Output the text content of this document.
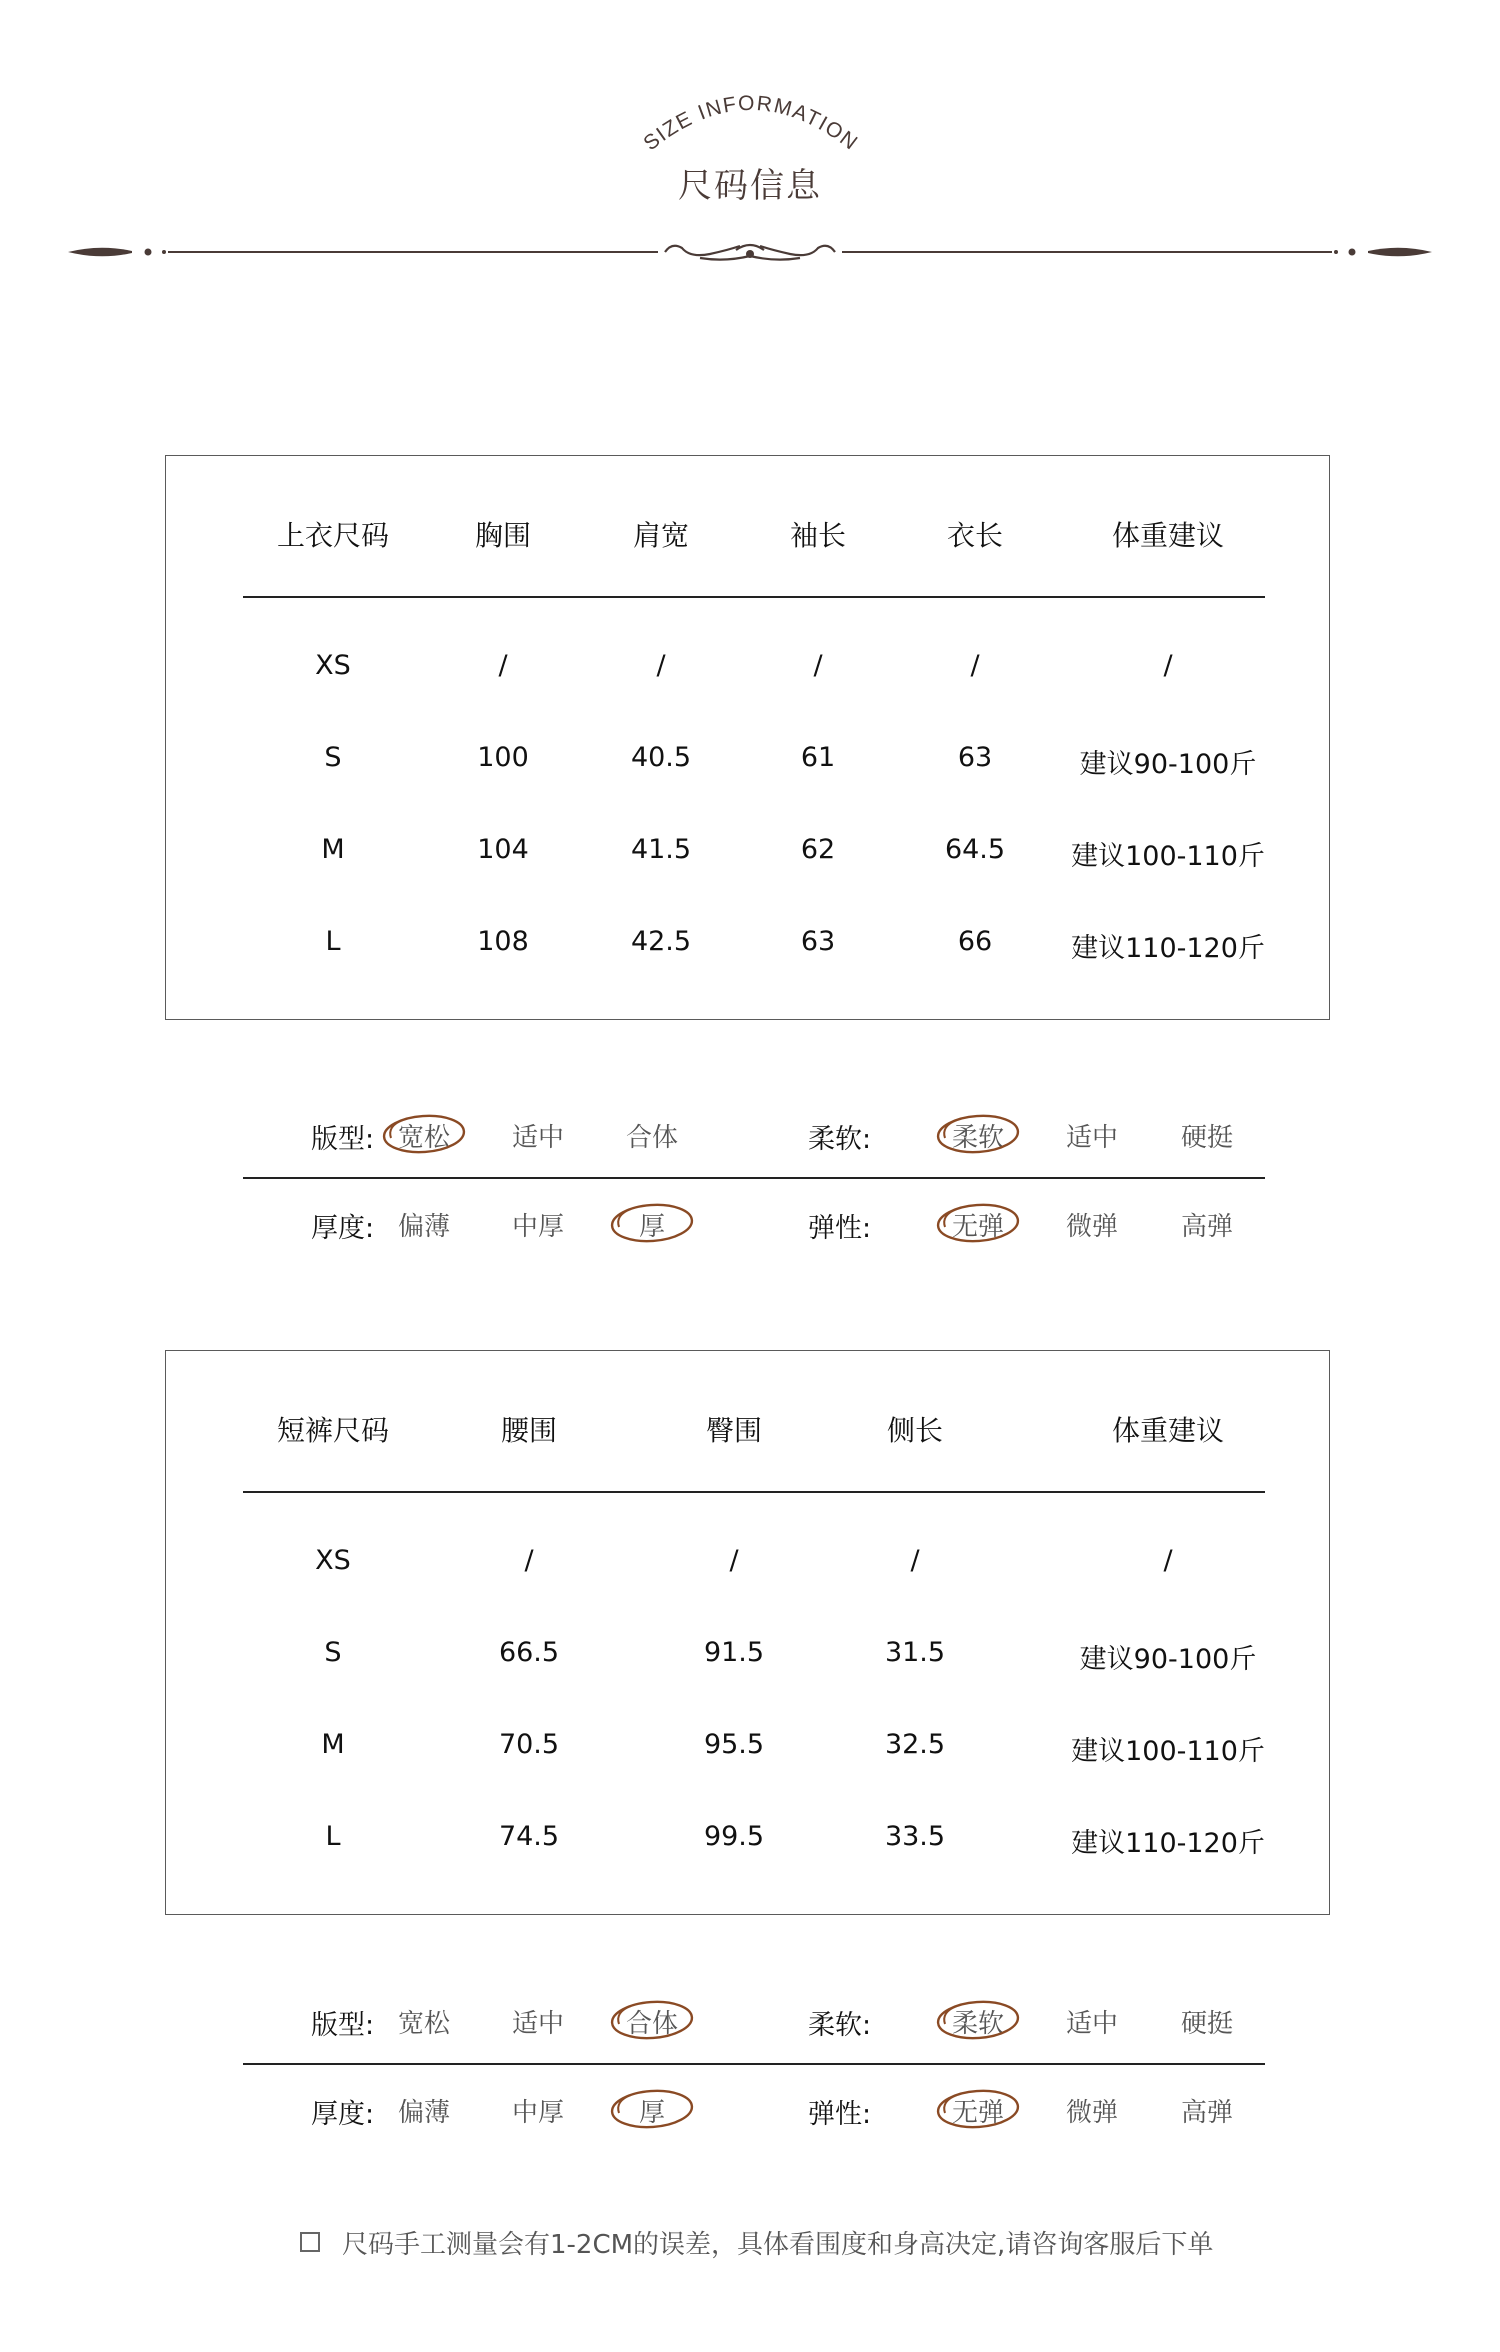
SIZE INFORMATION
尺码信息
上衣尺码	胸围	肩宽	袖长	衣长	体重建议
XS	/	/	/	/	/
S	100	40.5	61	63	建议90-100斤
M	104	41.5	62	64.5 建议100-110斤
L	108	42.5	63	66	建议110-120斤
版型: 宽松 适中 合体	柔软:	柔软 适中 硬挺
厚度: 偏薄 中厚	厚	弹性:	无弹 微弹 高弹
短裤尺码	腰围	臀围	侧长	体重建议
XS	/	/	/	/
S	66.5	91.5	31.5	建议90-100斤
M	70.5	95.5	32.5	建议100-110斤
L	74.5	99.5	33.5	建议110-120斤
版型: 宽松 适中 合体	柔软:	柔软 适中 硬挺
厚度: 偏薄 中厚	厚	弹性:	无弹 微弹 高弹
尺码手工测量会有1-2CM的误差，具体看围度和身高决定,请咨询客服后下单
